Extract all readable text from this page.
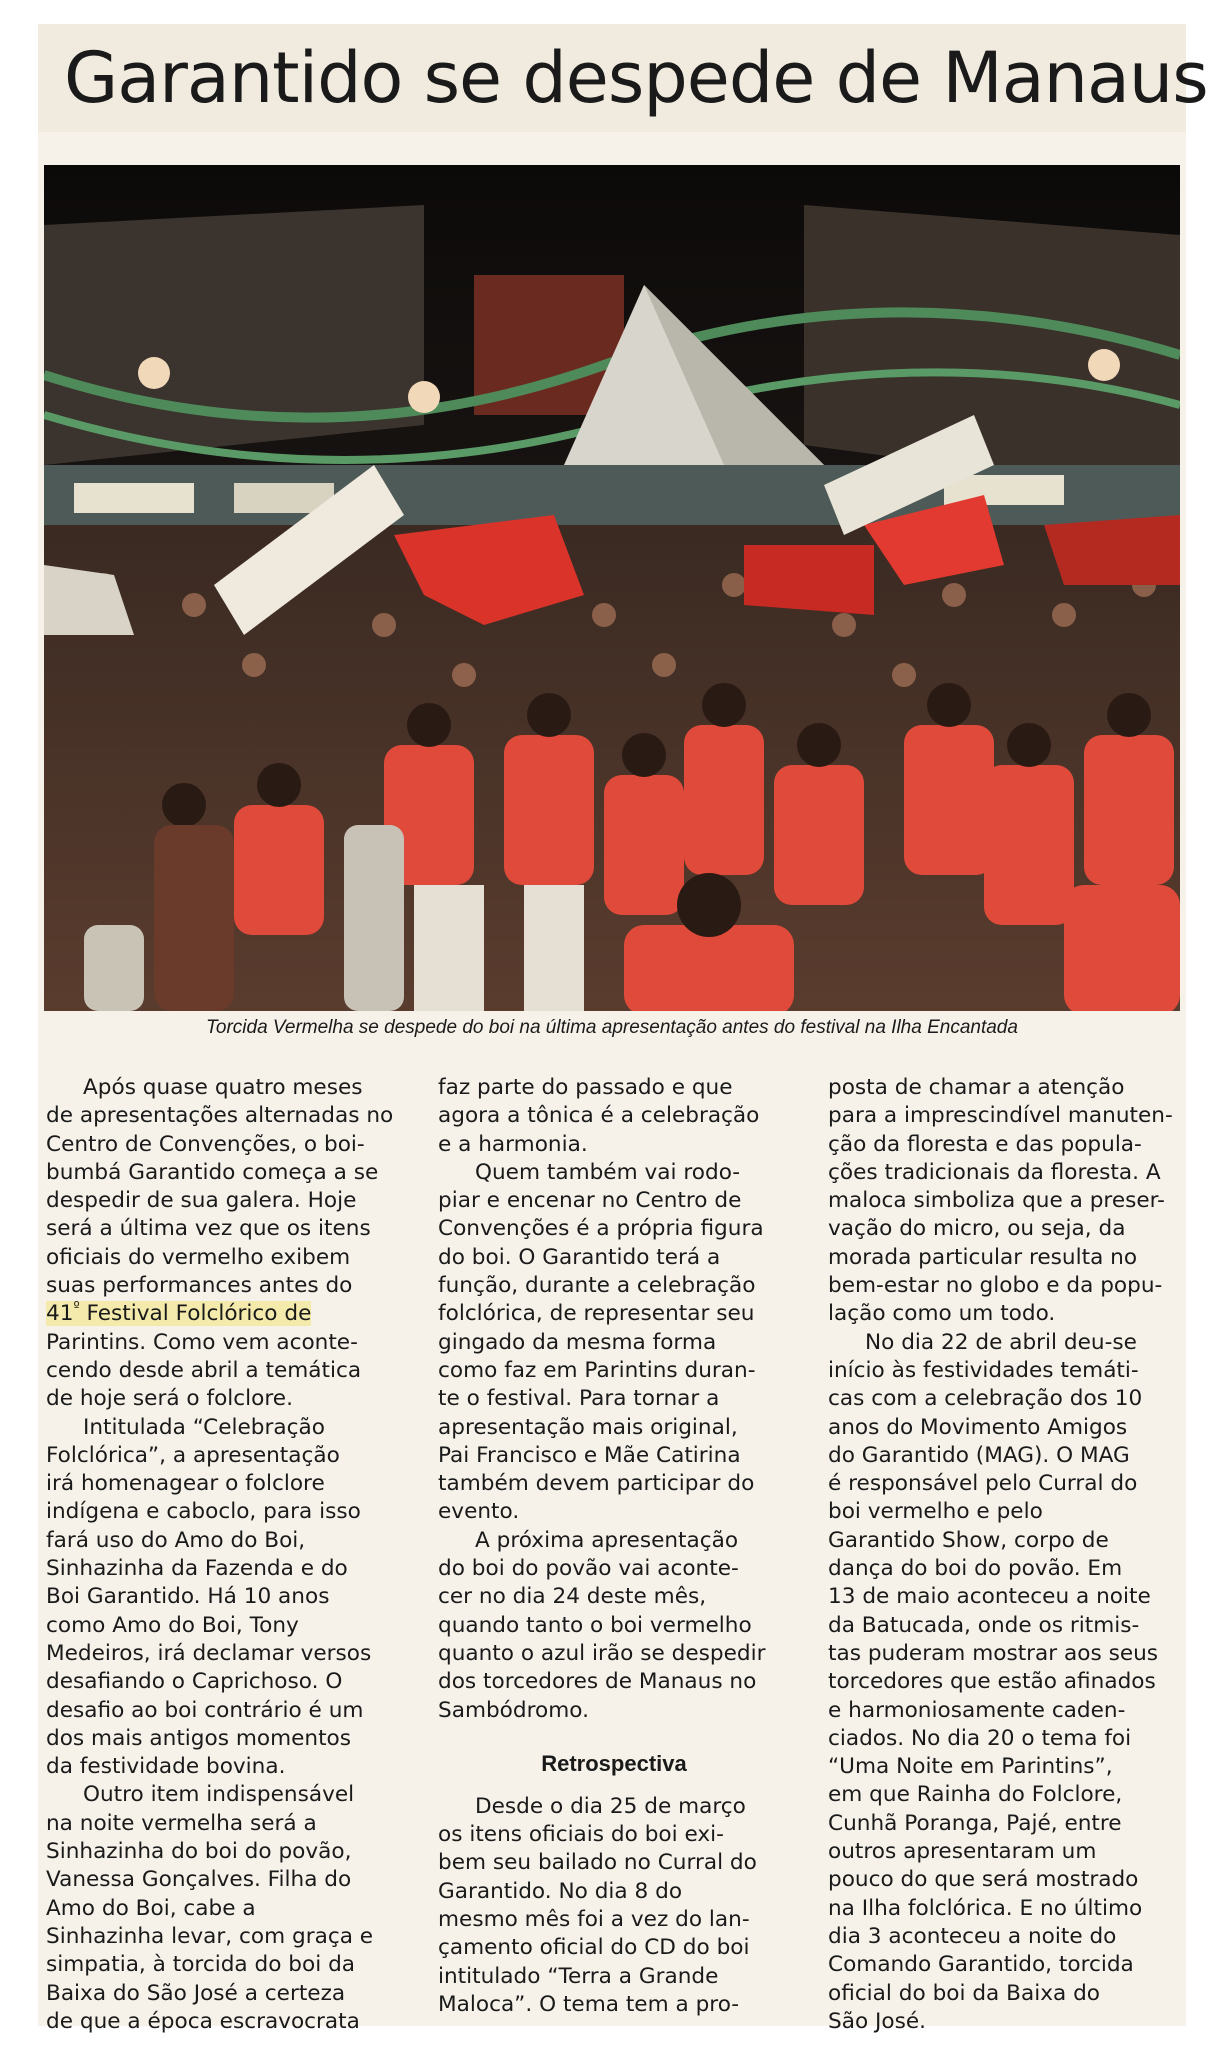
Garantido se despede de Manaus
Torcida Vermelha se despede do boi na última apresentação antes do festival na Ilha Encantada

Após quase quatro meses

de apresentações alternadas no

Centro de Convenções, o boi-

bumbá Garantido começa a se

despedir de sua galera. Hoje

será a última vez que os itens

oficiais do vermelho exibem

suas performances antes do

$41^º$ Festival Folclórico de

Parintins. Como vem aconte-

cendo desde abril a temática

de hoje será o folclore.

Intitulada “Celebração

Folclórica”, a apresentação

irá homenagear o folclore

indígena e caboclo, para isso

fará uso do Amo do Boi,

Sinhazinha da Fazenda e do

Boi Garantido. Há 10 anos

como Amo do Boi, Tony

Medeiros, irá declamar versos

desafiando o Caprichoso. O

desafio ao boi contrário é um

dos mais antigos momentos

da festividade bovina.

Outro item indispensável

na noite vermelha será a

Sinhazinha do boi do povão,

Vanessa Gonçalves. Filha do

Amo do Boi, cabe a

Sinhazinha levar, com graça e

simpatia, à torcida do boi da

Baixa do São José a certeza

de que a época escravocrata

faz parte do passado e que

agora a tônica é a celebração

e a harmonia.

Quem também vai rodo-

piar e encenar no Centro de

Convenções é a própria figura

do boi. O Garantido terá a

função, durante a celebração

folclórica, de representar seu

gingado da mesma forma

como faz em Parintins duran-

te o festival. Para tornar a

apresentação mais original,

Pai Francisco e Mãe Catirina

também devem participar do

evento.

A próxima apresentação

do boi do povão vai aconte-

cer no dia 24 deste mês,

quando tanto o boi vermelho

quanto o azul irão se despedir

dos torcedores de Manaus no

Sambódromo.

Retrospectiva

Desde o dia 25 de março

os itens oficiais do boi exi-

bem seu bailado no Curral do

Garantido. No dia 8 do

mesmo mês foi a vez do lan-

çamento oficial do CD do boi

intitulado “Terra a Grande

Maloca”. O tema tem a pro-

posta de chamar a atenção

para a imprescindível manuten-

ção da floresta e das popula-

ções tradicionais da floresta. A

maloca simboliza que a preser-

vação do micro, ou seja, da

morada particular resulta no

bem-estar no globo e da popu-

lação como um todo.

No dia 22 de abril deu-se

início às festividades temáti-

cas com a celebração dos 10

anos do Movimento Amigos

do Garantido (MAG). O MAG

é responsável pelo Curral do

boi vermelho e pelo

Garantido Show, corpo de

dança do boi do povão. Em

13 de maio aconteceu a noite

da Batucada, onde os ritmis-

tas puderam mostrar aos seus

torcedores que estão afinados

e harmoniosamente caden-

ciados. No dia 20 o tema foi

“Uma Noite em Parintins”,

em que Rainha do Folclore,

Cunhã Poranga, Pajé, entre

outros apresentaram um

pouco do que será mostrado

na Ilha folclórica. E no último

dia 3 aconteceu a noite do

Comando Garantido, torcida

oficial do boi da Baixa do

São José.
